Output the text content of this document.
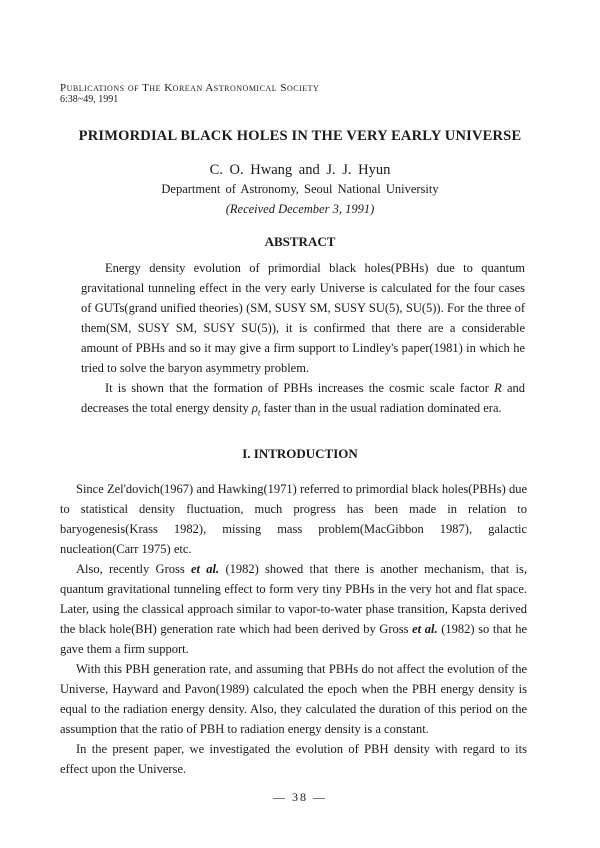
Publications of The Korean Astronomical Society
6:38~49, 1991
PRIMORDIAL BLACK HOLES IN THE VERY EARLY UNIVERSE
C. O. Hwang and J. J. Hyun
Department of Astronomy, Seoul National University
(Received December 3, 1991)
ABSTRACT

Energy density evolution of primordial black holes(PBHs) due to quantum gravitational tunneling effect in the very early Universe is calculated for the four cases of GUTs(grand unified theories) (SM, SUSY SM, SUSY SU(5), SU(5)). For the three of them(SM, SUSY SM, SUSY SU(5)), it is confirmed that there are a considerable amount of PBHs and so it may give a firm support to Lindley's paper(1981) in which he tried to solve the baryon asymmetry problem.

It is shown that the formation of PBHs increases the cosmic scale factor R and decreases the total energy density $\rho_t$ faster than in the usual radiation dominated era.

I. INTRODUCTION

Since Zel'dovich(1967) and Hawking(1971) referred to primordial black holes(PBHs) due to statistical density fluctuation, much progress has been made in relation to baryogenesis(Krass 1982), missing mass problem(MacGibbon 1987), galactic nucleation(Carr 1975) etc.

Also, recently Gross et al. (1982) showed that there is another mechanism, that is, quantum gravitational tunneling effect to form very tiny PBHs in the very hot and flat space. Later, using the classical approach similar to vapor-to-water phase transition, Kapsta derived the black hole(BH) generation rate which had been derived by Gross et al. (1982) so that he gave them a firm support.

With this PBH generation rate, and assuming that PBHs do not affect the evolution of the Universe, Hayward and Pavon(1989) calculated the epoch when the PBH energy density is equal to the radiation energy density. Also, they calculated the duration of this period on the assumption that the ratio of PBH to radiation energy density is a constant.

In the present paper, we investigated the evolution of PBH density with regard to its effect upon the Universe.

— 38 —
